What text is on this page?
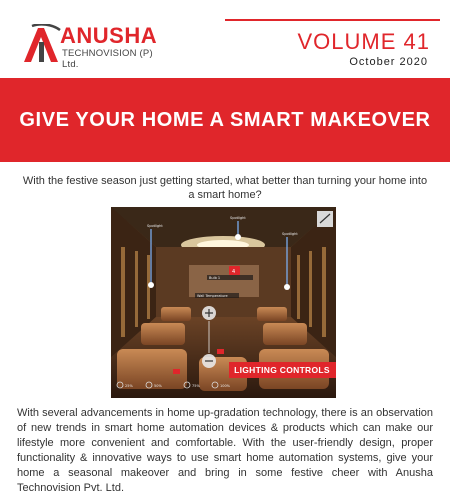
ANUSHA
TECHNOVISION (P) Ltd.
VOLUME 41
October 2020
GIVE YOUR HOME A SMART MAKEOVER

With the festive season just getting started, what better than turning your home into a smart home?

Spotlight
Spotlight
Spotlight
4
Bulb 1
Wall Temperature
25%	50%	75%	100%
LIGHTING CONTROLS

With several advancements in home up-gradation technology, there is an observation of new trends in smart home automation devices & products which can make our lifestyle more convenient and comfortable. With the user-friendly design, proper functionality & innovative ways to use smart home automation systems, give your home a seasonal makeover and bring in some festive cheer with Anusha Technovision Pvt. Ltd.
